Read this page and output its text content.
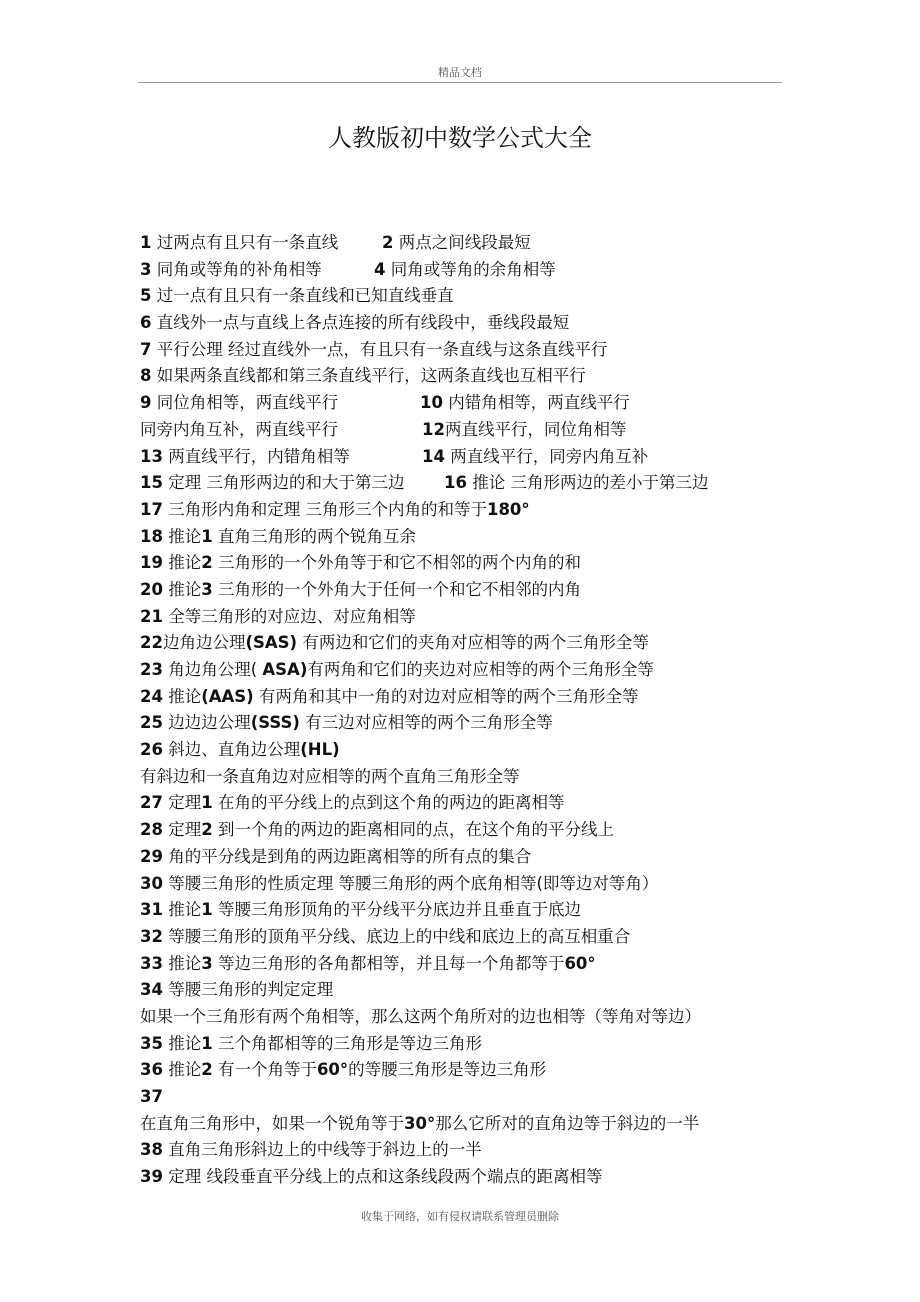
精品文档
人教版初中数学公式大全
1 过两点有且只有一条直线	2 两点之间线段最短
3 同角或等角的补角相等	4 同角或等角的余角相等
5 过一点有且只有一条直线和已知直线垂直
6 直线外一点与直线上各点连接的所有线段中，垂线段最短
7 平行公理 经过直线外一点，有且只有一条直线与这条直线平行
8 如果两条直线都和第三条直线平行，这两条直线也互相平行
9 同位角相等，两直线平行	10 内错角相等，两直线平行
同旁内角互补，两直线平行	12两直线平行，同位角相等
13 两直线平行，内错角相等	14 两直线平行，同旁内角互补
15 定理 三角形两边的和大于第三边 16 推论 三角形两边的差小于第三边
17 三角形内角和定理 三角形三个内角的和等于180°
18 推论1 直角三角形的两个锐角互余
19 推论2 三角形的一个外角等于和它不相邻的两个内角的和
20 推论3 三角形的一个外角大于任何一个和它不相邻的内角
21 全等三角形的对应边、对应角相等
22边角边公理(SAS) 有两边和它们的夹角对应相等的两个三角形全等
23 角边角公理( ASA)有两角和它们的夹边对应相等的两个三角形全等
24 推论(AAS) 有两角和其中一角的对边对应相等的两个三角形全等
25 边边边公理(SSS) 有三边对应相等的两个三角形全等
26 斜边、直角边公理(HL)
有斜边和一条直角边对应相等的两个直角三角形全等
27 定理1 在角的平分线上的点到这个角的两边的距离相等
28 定理2 到一个角的两边的距离相同的点，在这个角的平分线上
29 角的平分线是到角的两边距离相等的所有点的集合
30 等腰三角形的性质定理 等腰三角形的两个底角相等(即等边对等角）
31 推论1 等腰三角形顶角的平分线平分底边并且垂直于底边
32 等腰三角形的顶角平分线、底边上的中线和底边上的高互相重合
33 推论3 等边三角形的各角都相等，并且每一个角都等于60°
34 等腰三角形的判定定理
如果一个三角形有两个角相等，那么这两个角所对的边也相等（等角对等边）
35 推论1 三个角都相等的三角形是等边三角形
36 推论2 有一个角等于60°的等腰三角形是等边三角形
37
在直角三角形中，如果一个锐角等于30°那么它所对的直角边等于斜边的一半
38 直角三角形斜边上的中线等于斜边上的一半
39 定理 线段垂直平分线上的点和这条线段两个端点的距离相等
收集于网络，如有侵权请联系管理员删除
